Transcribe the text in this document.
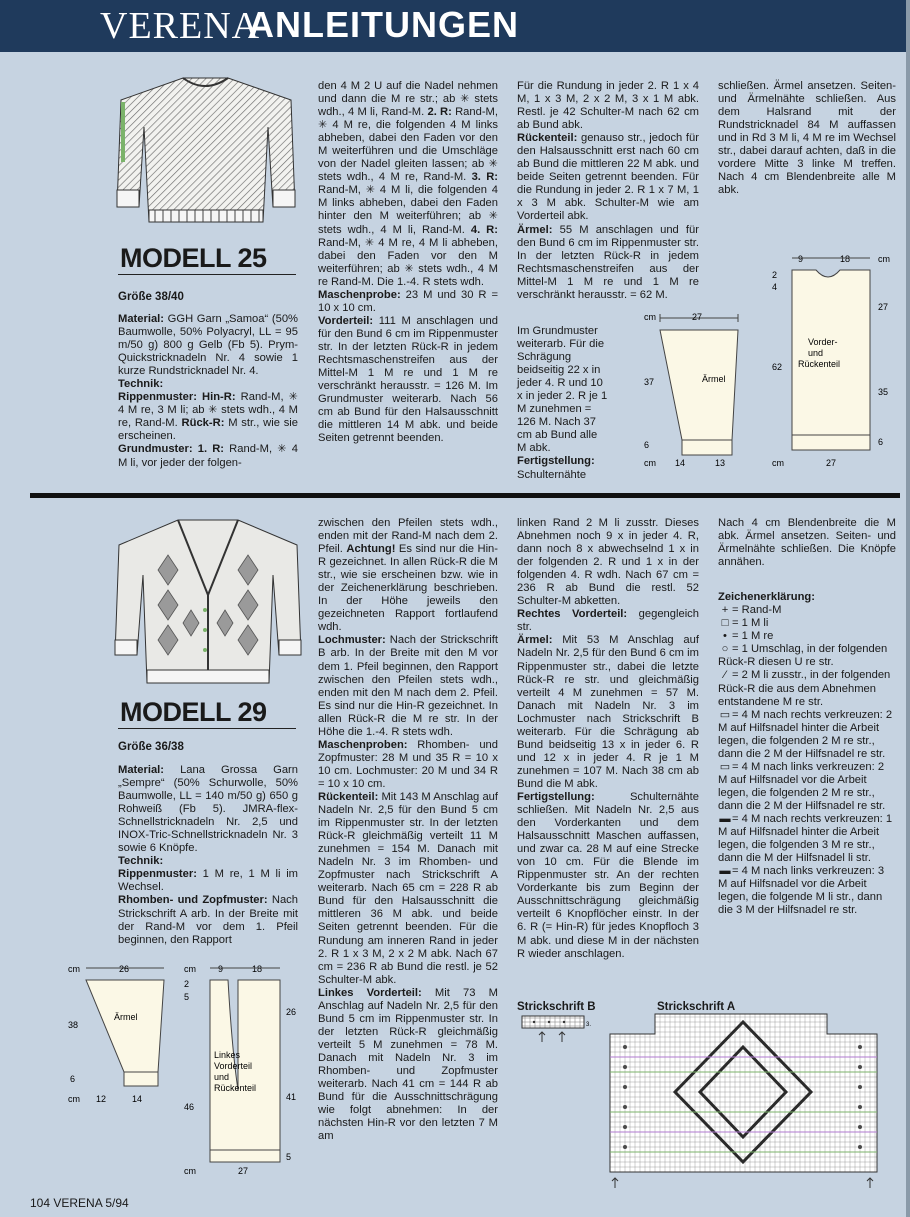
VERENA
ANLEITUNGEN
MODELL 25
Größe 38/40

Material: GGH Garn „Samoa“ (50% Baumwolle, 50% Polyacryl, LL = 95 m/50 g) 800 g Gelb (Fb 5). Prym-Quickstricknadeln Nr. 4 sowie 1 kurze Rundstricknadel Nr. 4.

Technik:

Rippenmuster: Hin-R: Rand-M, ✳ 4 M re, 3 M li; ab ✳ stets wdh., 4 M re, Rand-M. Rück-R: M str., wie sie erscheinen.

Grundmuster: 1. R: Rand-M, ✳ 4 M li, vor jeder der folgen-

den 4 M 2 U auf die Nadel nehmen und dann die M re str.; ab ✳ stets wdh., 4 M li, Rand-M. 2. R: Rand-M, ✳ 4 M re, die folgenden 4 M links abheben, dabei den Faden vor den M weiterführen und die Umschläge von der Nadel gleiten lassen; ab ✳ stets wdh., 4 M re, Rand-M. 3. R: Rand-M, ✳ 4 M li, die folgenden 4 M links abheben, dabei den Faden hinter den M weiterführen; ab ✳ stets wdh., 4 M li, Rand-M. 4. R: Rand-M, ✳ 4 M re, 4 M li abheben, dabei den Faden vor den M weiterführen; ab ✳ stets wdh., 4 M re Rand-M. Die 1.-4. R stets wdh.

Maschenprobe: 23 M und 30 R = 10 x 10 cm.

Vorderteil: 111 M anschlagen und für den Bund 6 cm im Rippenmuster str. In der letzten Rück-R in jedem Rechtsmaschenstreifen aus der Mittel-M 1 M re und 1 M re verschränkt herausstr. = 126 M. Im Grundmuster weiterarb. Nach 56 cm ab Bund für den Halsausschnitt die mittleren 14 M abk. und beide Seiten getrennt beenden.

Für die Rundung in jeder 2. R 1 x 4 M, 1 x 3 M, 2 x 2 M, 3 x 1 M abk. Restl. je 42 Schulter-M nach 62 cm ab Bund abk.

Rückenteil: genauso str., jedoch für den Halsausschnitt erst nach 60 cm ab Bund die mittleren 22 M abk. und beide Seiten getrennt beenden. Für die Rundung in jeder 2. R 1 x 7 M, 1 x 3 M abk. Schulter-M wie am Vorderteil abk.

Ärmel: 55 M anschlagen und für den Bund 6 cm im Rippenmuster str. In der letzten Rück-R in jedem Rechtsmaschenstreifen aus der Mittel-M 1 M re und 1 M re verschränkt herausstr. = 62 M.

Im Grundmuster weiterarb. Für die Schrägung beidseitig 22 x in jeder 4. R und 10 x in jeder 2. R je 1 M zunehmen = 126 M. Nach 37 cm ab Bund alle M abk.

Fertigstellung: Schulternähte

schließen. Ärmel ansetzen. Seiten- und Ärmelnähte schließen. Aus dem Halsrand mit der Rundstricknadel 84 M auffassen und in Rd 3 M li, 4 M re im Wechsel str., dabei darauf achten, daß in die vordere Mitte 3 linke M treffen. Nach 4 cm Blendenbreite alle M abk.

cm	27
Ärmel
37
6
cm 14	13
9	18	cm
2
4
Vorder-
und
Rückenteil
27
62
35
6
cm	27
MODELL 29
Größe 36/38

Material: Lana Grossa Garn „Sempre“ (50% Schurwolle, 50% Baumwolle, LL = 140 m/50 g) 650 g Rohweiß (Fb 5). JMRA-flex-Schnellstricknadeln Nr. 2,5 und INOX-Tric-Schnellstricknadeln Nr. 3 sowie 6 Knöpfe.

Technik:

Rippenmuster: 1 M re, 1 M li im Wechsel.

Rhomben- und Zopfmuster: Nach Strickschrift A arb. In der Breite mit der Rand-M vor dem 1. Pfeil beginnen, den Rapport

zwischen den Pfeilen stets wdh., enden mit der Rand-M nach dem 2. Pfeil. Achtung! Es sind nur die Hin-R gezeichnet. In allen Rück-R die M str., wie sie erscheinen bzw. wie in der Zeichenerklärung beschrieben. In der Höhe jeweils den gezeichneten Rapport fortlaufend wdh.

Lochmuster: Nach der Strickschrift B arb. In der Breite mit den M vor dem 1. Pfeil beginnen, den Rapport zwischen den Pfeilen stets wdh., enden mit den M nach dem 2. Pfeil. Es sind nur die Hin-R gezeichnet. In allen Rück-R die M re str. In der Höhe die 1.-4. R stets wdh.

Maschenproben: Rhomben- und Zopfmuster: 28 M und 35 R = 10 x 10 cm. Lochmuster: 20 M und 34 R = 10 x 10 cm.

Rückenteil: Mit 143 M Anschlag auf Nadeln Nr. 2,5 für den Bund 5 cm im Rippenmuster str. In der letzten Rück-R gleichmäßig verteilt 11 M zunehmen = 154 M. Danach mit Nadeln Nr. 3 im Rhomben- und Zopfmuster nach Strickschrift A weiterarb. Nach 65 cm = 228 R ab Bund für den Halsausschnitt die mittleren 36 M abk. und beide Seiten getrennt beenden. Für die Rundung am inneren Rand in jeder 2. R 1 x 3 M, 2 x 2 M abk. Nach 67 cm = 236 R ab Bund die restl. je 52 Schulter-M abk.

Linkes Vorderteil: Mit 73 M Anschlag auf Nadeln Nr. 2,5 für den Bund 5 cm im Rippenmuster str. In der letzten Rück-R gleichmäßig verteilt 5 M zunehmen = 78 M. Danach mit Nadeln Nr. 3 im Rhomben- und Zopfmuster weiterarb. Nach 41 cm = 144 R ab Bund für die Ausschnittschrägung wie folgt abnehmen: In der nächsten Hin-R vor den letzten 7 M am

linken Rand 2 M li zusstr. Dieses Abnehmen noch 9 x in jeder 4. R, dann noch 8 x abwechselnd 1 x in der folgenden 2. R und 1 x in der folgenden 4. R wdh. Nach 67 cm = 236 R ab Bund die restl. 52 Schulter-M abketten.

Rechtes Vorderteil: gegengleich str.

Ärmel: Mit 53 M Anschlag auf Nadeln Nr. 2,5 für den Bund 6 cm im Rippenmuster str., dabei die letzte Rück-R re str. und gleichmäßig verteilt 4 M zunehmen = 57 M. Danach mit Nadeln Nr. 3 im Lochmuster nach Strickschrift B weiterarb. Für die Schrägung ab Bund beidseitig 13 x in jeder 6. R und 12 x in jeder 4. R je 1 M zunehmen = 107 M. Nach 38 cm ab Bund die M abk.

Fertigstellung: Schulternähte schließen. Mit Nadeln Nr. 2,5 aus den Vorderkanten und dem Halsausschnitt Maschen auffassen, und zwar ca. 28 M auf eine Strecke von 10 cm. Für die Blende im Rippenmuster str. An der rechten Vorderkante bis zum Beginn der Ausschnittschrägung gleichmäßig verteilt 6 Knopflöcher einstr. In der 6. R (= Hin-R) für jedes Knopfloch 3 M abk. und diese M in der nächsten R wieder anschlagen.

Nach 4 cm Blendenbreite die M abk. Ärmel ansetzen. Seiten- und Ärmelnähte schließen. Die Knöpfe annähen.

Zeichenerklärung:

+ = Rand-M
□ = 1 M li
• = 1 M re
○ = 1 Umschlag, in der folgenden Rück-R diesen U re str.
⁄ = 2 M li zusstr., in der folgenden Rück-R die aus dem Abnehmen entstandene M re str.
▭ = 4 M nach rechts verkreuzen: 2 M auf Hilfsnadel hinter die Arbeit legen, die folgenden 2 M re str., dann die 2 M der Hilfsnadel re str.
▭ = 4 M nach links verkreuzen: 2 M auf Hilfsnadel vor die Arbeit legen, die folgenden 2 M re str., dann die 2 M der Hilfsnadel re str.
▬= 4 M nach rechts verkreuzen: 1 M auf Hilfsnadel hinter die Arbeit legen, die folgenden 3 M re str., dann die M der Hilfsnadel li str.
▬= 4 M nach links verkreuzen: 3 M auf Hilfsnadel vor die Arbeit legen, die folgende M li str., dann die 3 M der Hilfsnadel re str.
cm	26
Ärmel
38
6
cm 12	14
cm 9	18
2
5
Linkes
Vorderteil
und
Rückenteil
26
46
41
5
cm	27
Strickschrift B
3.
Strickschrift A
104 VERENA 5/94
